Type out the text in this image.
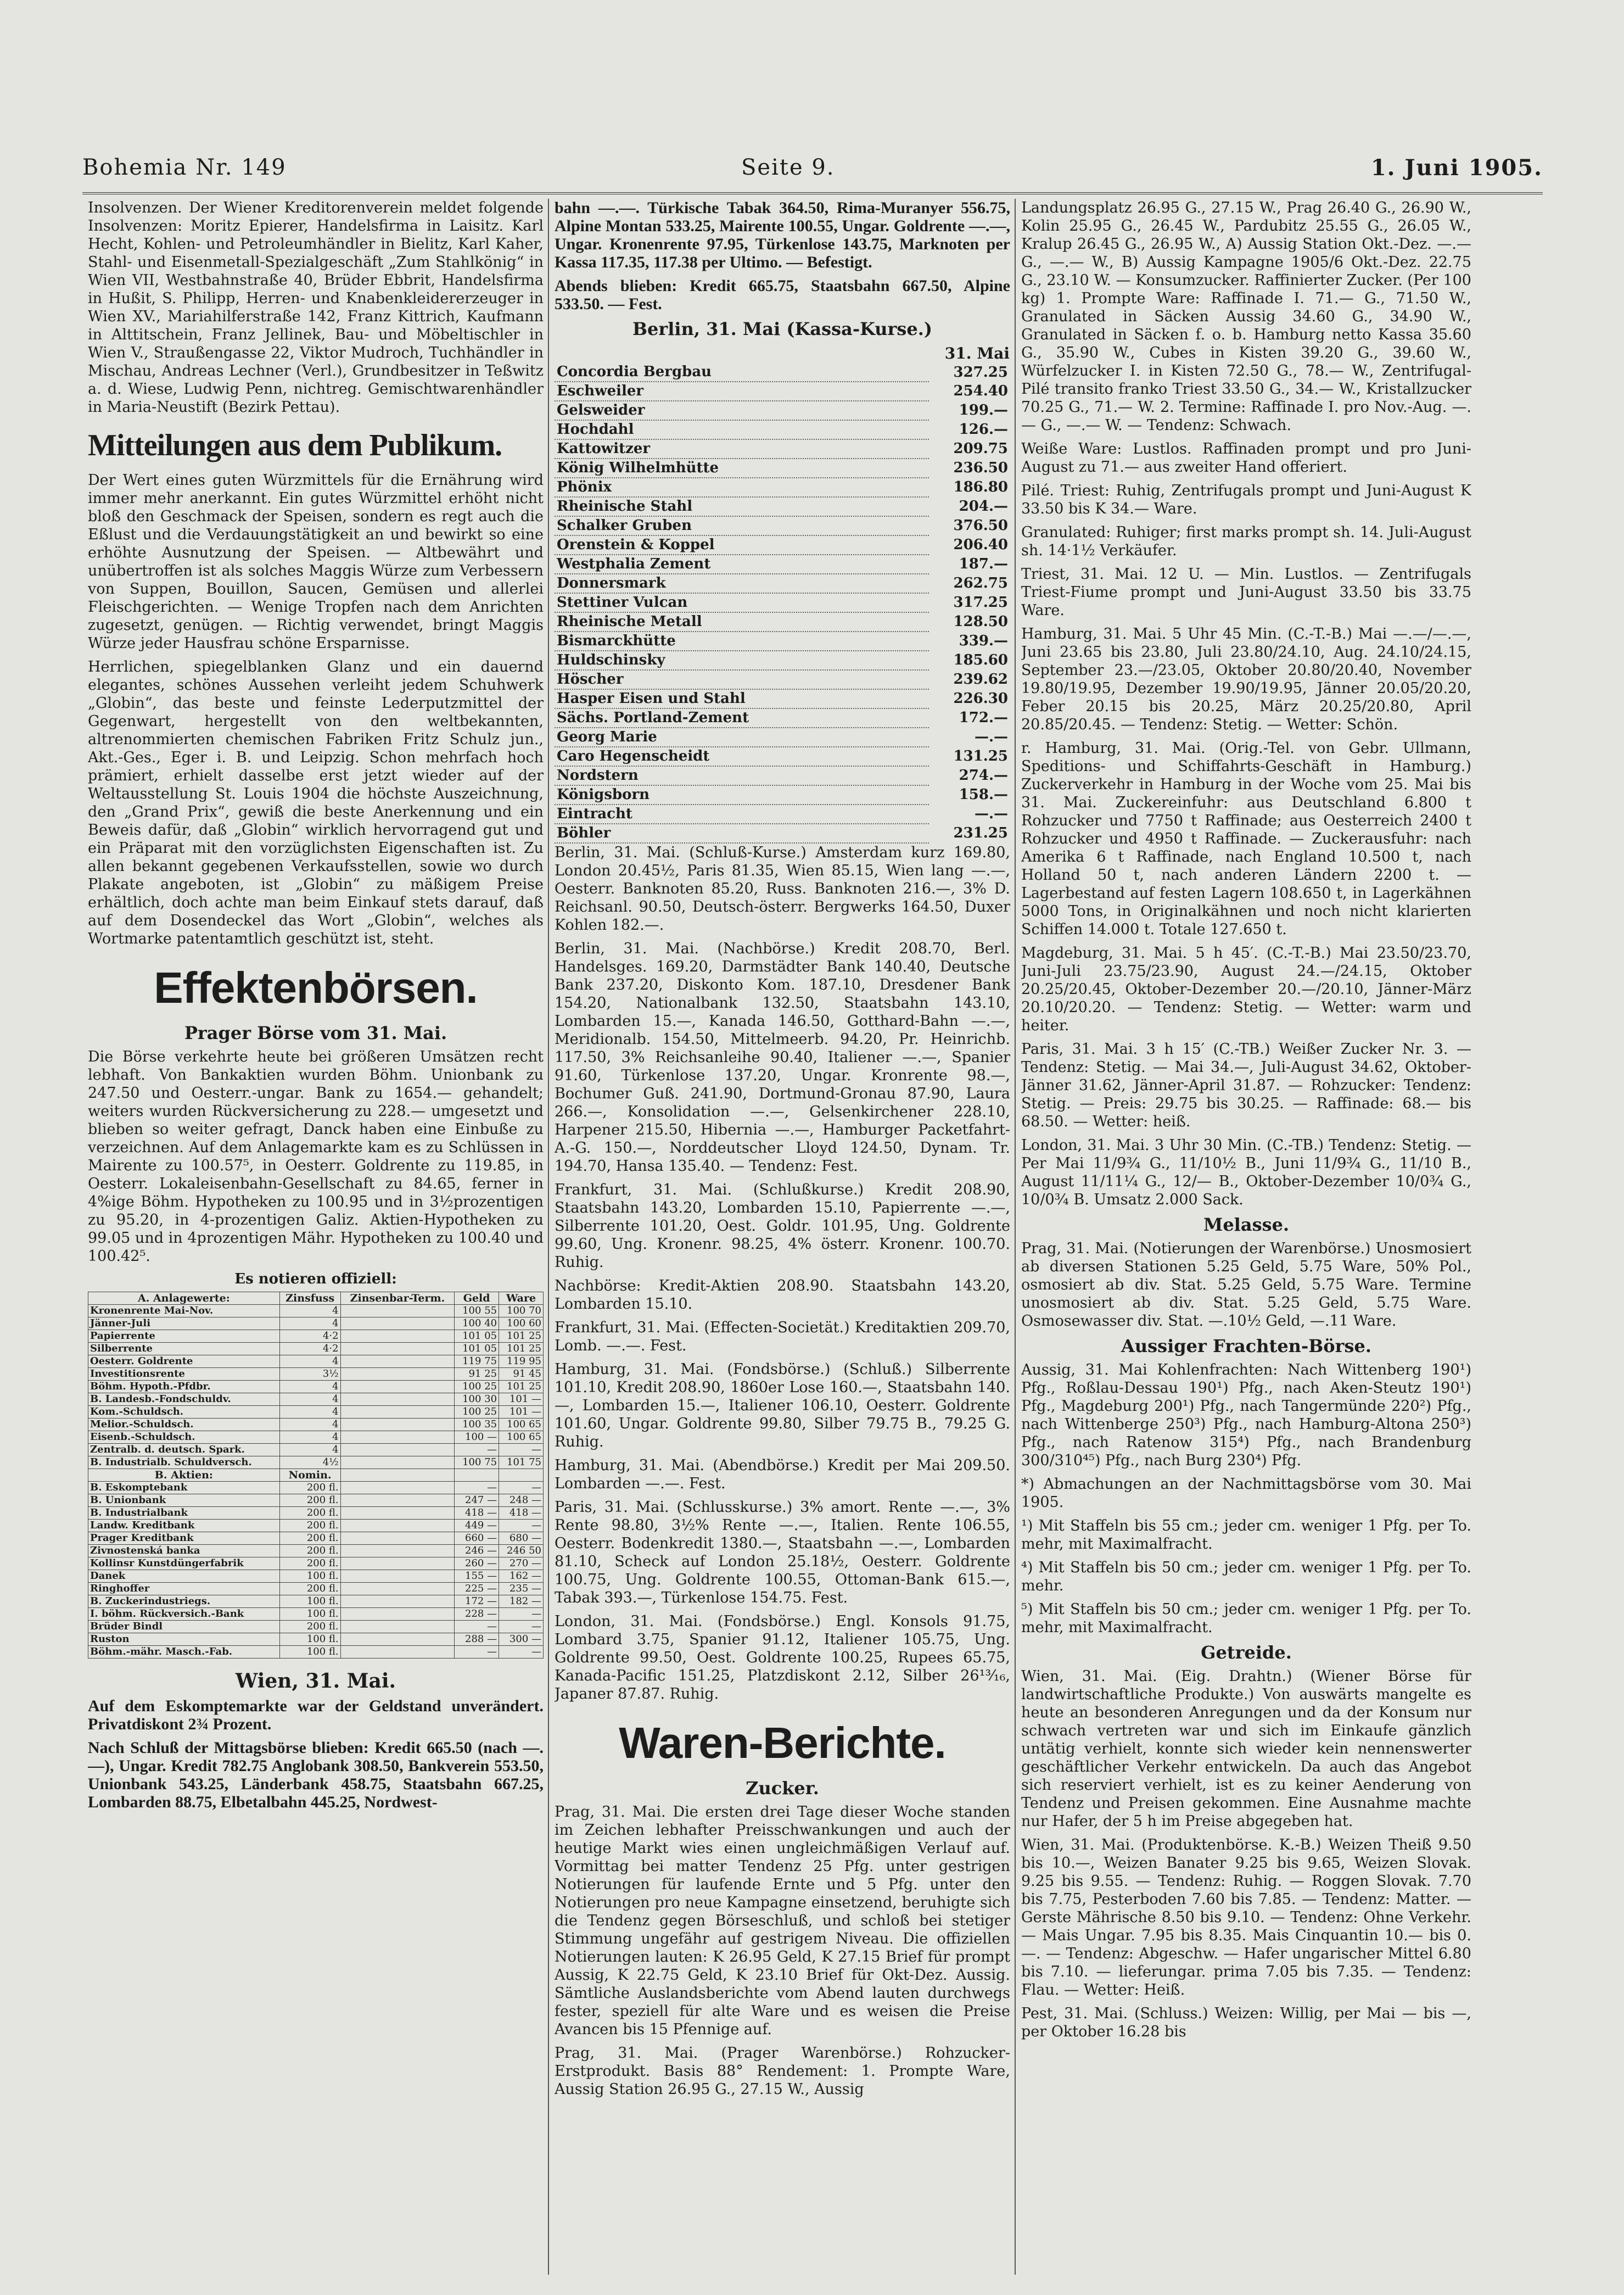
Bohemia Nr. 149	Seite 9.	1. Juni 1905.

Insolvenzen. Der Wiener Kreditorenverein meldet folgende Insolvenzen: Moritz Epierer, Handelsfirma in Laisitz. Karl Hecht, Kohlen- und Petroleumhändler in Bielitz, Karl Kaher, Stahl- und Eisenmetall-Spezialgeschäft „Zum Stahlkönig“ in Wien VII, Westbahnstraße 40, Brüder Ebbrit, Handelsfirma in Hußit, S. Philipp, Herren- und Knabenkleidererzeuger in Wien XV., Mariahilferstraße 142, Franz Kittrich, Kaufmann in Alttitschein, Franz Jellinek, Bau- und Möbeltischler in Wien V., Straußengasse 22, Viktor Mudroch, Tuchhändler in Mischau, Andreas Lechner (Verl.), Grundbesitzer in Teßwitz a. d. Wiese, Ludwig Penn, nichtreg. Gemischtwarenhändler in Maria-Neustift (Bezirk Pettau).

Mitteilungen aus dem Publikum.

Der Wert eines guten Würzmittels für die Ernährung wird immer mehr anerkannt. Ein gutes Würzmittel erhöht nicht bloß den Geschmack der Speisen, sondern es regt auch die Eßlust und die Verdauungstätigkeit an und bewirkt so eine erhöhte Ausnutzung der Speisen. — Altbewährt und unübertroffen ist als solches Maggis Würze zum Verbessern von Suppen, Bouillon, Saucen, Gemüsen und allerlei Fleischgerichten. — Wenige Tropfen nach dem Anrichten zugesetzt, genügen. — Richtig verwendet, bringt Maggis Würze jeder Hausfrau schöne Ersparnisse.

Herrlichen, spiegelblanken Glanz und ein dauernd elegantes, schönes Aussehen verleiht jedem Schuhwerk „Globin“, das beste und feinste Lederputzmittel der Gegenwart, hergestellt von den weltbekannten, altrenommierten chemischen Fabriken Fritz Schulz jun., Akt.-Ges., Eger i. B. und Leipzig. Schon mehrfach hoch prämiert, erhielt dasselbe erst jetzt wieder auf der Weltausstellung St. Louis 1904 die höchste Auszeichnung, den „Grand Prix“, gewiß die beste Anerkennung und ein Beweis dafür, daß „Globin“ wirklich hervorragend gut und ein Präparat mit den vorzüglichsten Eigenschaften ist. Zu allen bekannt gegebenen Verkaufsstellen, sowie wo durch Plakate angeboten, ist „Globin“ zu mäßigem Preise erhältlich, doch achte man beim Einkauf stets darauf, daß auf dem Dosendeckel das Wort „Globin“, welches als Wortmarke patentamtlich geschützt ist, steht.

Effektenbörsen.
Prager Börse vom 31. Mai.

Die Börse verkehrte heute bei größeren Umsätzen recht lebhaft. Von Bankaktien wurden Böhm. Unionbank zu 247.50 und Oesterr.-ungar. Bank zu 1654.— gehandelt; weiters wurden Rückversicherung zu 228.— umgesetzt und blieben so weiter gefragt, Danck haben eine Einbuße zu verzeichnen. Auf dem Anlagemarkte kam es zu Schlüssen in Mairente zu 100.57⁵, in Oesterr. Goldrente zu 119.85, in Oesterr. Lokaleisenbahn-Gesellschaft zu 84.65, ferner in 4%ige Böhm. Hypotheken zu 100.95 und in 3½prozentigen zu 95.20, in 4-prozentigen Galiz. Aktien-Hypotheken zu 99.05 und in 4prozentigen Mähr. Hypotheken zu 100.40 und 100.42⁵.

Es notieren offiziell:
A. Anlagewerte:	Zinsfuss	Zinsenbar-Term.	Geld	Ware
Kronenrente Mai-Nov.	4		100 55	100 70
Jänner-Juli	4		100 40	100 60
Papierrente	4·2		101 05	101 25
Silberrente	4·2		101 05	101 25
Oesterr. Goldrente	4		119 75	119 95
Investitionsrente	3½		91 25	91 45
Böhm. Hypoth.-Pfdbr.	4		100 25	101 25
B. Landesb.-Fondschuldv.	4		100 30	101 —
Kom.-Schuldsch.	4		100 25	101 —
Melior.-Schuldsch.	4		100 35	100 65
Eisenb.-Schuldsch.	4		100 —	100 65
Zentralb. d. deutsch. Spark.	4		—	—
B. Industrialb. Schuldversch.	4½		100 75	101 75
B. Aktien:	Nomin.			
B. Eskomptebank	200 fl.		—	—
B. Unionbank	200 fl.		247 —	248 —
B. Industrialbank	200 fl.		418 —	418 —
Landw. Kreditbank	200 fl.		449 —	—
Prager Kreditbank	200 fl.		660 —	680 —
Zivnostenská banka	200 fl.		246 —	246 50
Kollinsr Kunstdüngerfabrik	200 fl.		260 —	270 —
Danek	100 fl.		155 —	162 —
Ringhoffer	200 fl.		225 —	235 —
B. Zuckerindustriegs.	100 fl.		172 —	182 —
I. böhm. Rückversich.-Bank	100 fl.		228 —	—
Brüder Bindl	200 fl.		—	—
Ruston	100 fl.		288 —	300 —
Böhm.-mähr. Masch.-Fab.	100 fl.		—	—
Wien, 31. Mai.

Auf dem Eskomptemarkte war der Geldstand unverändert. Privatdiskont 2¾ Prozent.

Nach Schluß der Mittagsbörse blieben: Kredit 665.50 (nach —.—), Ungar. Kredit 782.75 Anglobank 308.50, Bankverein 553.50, Unionbank 543.25, Länderbank 458.75, Staatsbahn 667.25, Lombarden 88.75, Elbetalbahn 445.25, Nordwest-

bahn —.—. Türkische Tabak 364.50, Rima-Muranyer 556.75, Alpine Montan 533.25, Mairente 100.55, Ungar. Goldrente —.—, Ungar. Kronenrente 97.95, Türkenlose 143.75, Marknoten per Kassa 117.35, 117.38 per Ultimo. — Befestigt.

Abends blieben: Kredit 665.75, Staatsbahn 667.50, Alpine 533.50. — Fest.

Berlin, 31. Mai (Kassa-Kurse.)
	31. Mai
Concordia Bergbau	327.25
Eschweiler	254.40
Gelsweider	199.—
Hochdahl	126.—
Kattowitzer	209.75
König Wilhelmhütte	236.50
Phönix	186.80
Rheinische Stahl	204.—
Schalker Gruben	376.50
Orenstein & Koppel	206.40
Westphalia Zement	187.—
Donnersmark	262.75
Stettiner Vulcan	317.25
Rheinische Metall	128.50
Bismarckhütte	339.—
Huldschinsky	185.60
Höscher	239.62
Hasper Eisen und Stahl	226.30
Sächs. Portland-Zement	172.—
Georg Marie	—.—
Caro Hegenscheidt	131.25
Nordstern	274.—
Königsborn	158.—
Eintracht	—.—
Böhler	231.25

Berlin, 31. Mai. (Schluß-Kurse.) Amsterdam kurz 169.80, London 20.45½, Paris 81.35, Wien 85.15, Wien lang —.—, Oesterr. Banknoten 85.20, Russ. Banknoten 216.—, 3% D. Reichsanl. 90.50, Deutsch-österr. Bergwerks 164.50, Duxer Kohlen 182.—.

Berlin, 31. Mai. (Nachbörse.) Kredit 208.70, Berl. Handelsges. 169.20, Darmstädter Bank 140.40, Deutsche Bank 237.20, Diskonto Kom. 187.10, Dresdener Bank 154.20, Nationalbank 132.50, Staatsbahn 143.10, Lombarden 15.—, Kanada 146.50, Gotthard-Bahn —.—, Meridionalb. 154.50, Mittelmeerb. 94.20, Pr. Heinrichb. 117.50, 3% Reichsanleihe 90.40, Italiener —.—, Spanier 91.60, Türkenlose 137.20, Ungar. Kronrente 98.—, Bochumer Guß. 241.90, Dortmund-Gronau 87.90, Laura 266.—, Konsolidation —.—, Gelsenkirchener 228.10, Harpener 215.50, Hibernia —.—, Hamburger Packetfahrt-A.-G. 150.—, Norddeutscher Lloyd 124.50, Dynam. Tr. 194.70, Hansa 135.40. — Tendenz: Fest.

Frankfurt, 31. Mai. (Schlußkurse.) Kredit 208.90, Staatsbahn 143.20, Lombarden 15.10, Papierrente —.—, Silberrente 101.20, Oest. Goldr. 101.95, Ung. Goldrente 99.60, Ung. Kronenr. 98.25, 4% österr. Kronenr. 100.70. Ruhig.

Nachbörse: Kredit-Aktien 208.90. Staatsbahn 143.20, Lombarden 15.10.

Frankfurt, 31. Mai. (Effecten-Societät.) Kreditaktien 209.70, Lomb. —.—. Fest.

Hamburg, 31. Mai. (Fondsbörse.) (Schluß.) Silberrente 101.10, Kredit 208.90, 1860er Lose 160.—, Staatsbahn 140.—, Lombarden 15.—, Italiener 106.10, Oesterr. Goldrente 101.60, Ungar. Goldrente 99.80, Silber 79.75 B., 79.25 G. Ruhig.

Hamburg, 31. Mai. (Abendbörse.) Kredit per Mai 209.50. Lombarden —.—. Fest.

Paris, 31. Mai. (Schlusskurse.) 3% amort. Rente —.—, 3% Rente 98.80, 3½% Rente —.—, Italien. Rente 106.55, Oesterr. Bodenkredit 1380.—, Staatsbahn —.—, Lombarden 81.10, Scheck auf London 25.18½, Oesterr. Goldrente 100.75, Ung. Goldrente 100.55, Ottoman-Bank 615.—, Tabak 393.—, Türkenlose 154.75. Fest.

London, 31. Mai. (Fondsbörse.) Engl. Konsols 91.75, Lombard 3.75, Spanier 91.12, Italiener 105.75, Ung. Goldrente 99.50, Oest. Goldrente 100.25, Rupees 65.75, Kanada-Pacific 151.25, Platzdiskont 2.12, Silber 26¹³⁄₁₆, Japaner 87.87. Ruhig.

Waren-Berichte.
Zucker.

Prag, 31. Mai. Die ersten drei Tage dieser Woche standen im Zeichen lebhafter Preisschwankungen und auch der heutige Markt wies einen ungleichmäßigen Verlauf auf. Vormittag bei matter Tendenz 25 Pfg. unter gestrigen Notierungen für laufende Ernte und 5 Pfg. unter den Notierungen pro neue Kampagne einsetzend, beruhigte sich die Tendenz gegen Börseschluß, und schloß bei stetiger Stimmung ungefähr auf gestrigem Niveau. Die offiziellen Notierungen lauten: K 26.95 Geld, K 27.15 Brief für prompt Aussig, K 22.75 Geld, K 23.10 Brief für Okt-Dez. Aussig. Sämtliche Auslandsberichte vom Abend lauten durchwegs fester, speziell für alte Ware und es weisen die Preise Avancen bis 15 Pfennige auf.

Prag, 31. Mai. (Prager Warenbörse.) Rohzucker-Erstprodukt. Basis 88° Rendement: 1. Prompte Ware, Aussig Station 26.95 G., 27.15 W., Aussig

Landungsplatz 26.95 G., 27.15 W., Prag 26.40 G., 26.90 W., Kolin 25.95 G., 26.45 W., Pardubitz 25.55 G., 26.05 W., Kralup 26.45 G., 26.95 W., A) Aussig Station Okt.-Dez. —.— G., —.— W., B) Aussig Kampagne 1905/6 Okt.-Dez. 22.75 G., 23.10 W. — Konsumzucker. Raffinierter Zucker. (Per 100 kg) 1. Prompte Ware: Raffinade I. 71.— G., 71.50 W., Granulated in Säcken Aussig 34.60 G., 34.90 W., Granulated in Säcken f. o. b. Hamburg netto Kassa 35.60 G., 35.90 W., Cubes in Kisten 39.20 G., 39.60 W., Würfelzucker I. in Kisten 72.50 G., 78.— W., Zentrifugal-Pilé transito franko Triest 33.50 G., 34.— W., Kristallzucker 70.25 G., 71.— W. 2. Termine: Raffinade I. pro Nov.-Aug. —.— G., —.— W. — Tendenz: Schwach.

Weiße Ware: Lustlos. Raffinaden prompt und pro Juni-August zu 71.— aus zweiter Hand offeriert.

Pilé. Triest: Ruhig, Zentrifugals prompt und Juni-August K 33.50 bis K 34.— Ware.

Granulated: Ruhiger; first marks prompt sh. 14. Juli-August sh. 14·1½ Verkäufer.

Triest, 31. Mai. 12 U. — Min. Lustlos. — Zentrifugals Triest-Fiume prompt und Juni-August 33.50 bis 33.75 Ware.

Hamburg, 31. Mai. 5 Uhr 45 Min. (C.-T.-B.) Mai —.—/—.—, Juni 23.65 bis 23.80, Juli 23.80/24.10, Aug. 24.10/24.15, September 23.—/23.05, Oktober 20.80/20.40, November 19.80/19.95, Dezember 19.90/19.95, Jänner 20.05/20.20, Feber 20.15 bis 20.25, März 20.25/20.80, April 20.85/20.45. — Tendenz: Stetig. — Wetter: Schön.

r. Hamburg, 31. Mai. (Orig.-Tel. von Gebr. Ullmann, Speditions- und Schiffahrts-Geschäft in Hamburg.) Zuckerverkehr in Hamburg in der Woche vom 25. Mai bis 31. Mai. Zuckereinfuhr: aus Deutschland 6.800 t Rohzucker und 7750 t Raffinade; aus Oesterreich 2400 t Rohzucker und 4950 t Raffinade. — Zuckerausfuhr: nach Amerika 6 t Raffinade, nach England 10.500 t, nach Holland 50 t, nach anderen Ländern 2200 t. — Lagerbestand auf festen Lagern 108.650 t, in Lagerkähnen 5000 Tons, in Originalkähnen und noch nicht klarierten Schiffen 14.000 t. Totale 127.650 t.

Magdeburg, 31. Mai. 5 h 45′. (C.-T.-B.) Mai 23.50/23.70, Juni-Juli 23.75/23.90, August 24.—/24.15, Oktober 20.25/20.45, Oktober-Dezember 20.—/20.10, Jänner-März 20.10/20.20. — Tendenz: Stetig. — Wetter: warm und heiter.

Paris, 31. Mai. 3 h 15′ (C.-TB.) Weißer Zucker Nr. 3. — Tendenz: Stetig. — Mai 34.—, Juli-August 34.62, Oktober-Jänner 31.62, Jänner-April 31.87. — Rohzucker: Tendenz: Stetig. — Preis: 29.75 bis 30.25. — Raffinade: 68.— bis 68.50. — Wetter: heiß.

London, 31. Mai. 3 Uhr 30 Min. (C.-TB.) Tendenz: Stetig. — Per Mai 11/9¾ G., 11/10½ B., Juni 11/9¾ G., 11/10 B., August 11/11¼ G., 12/— B., Oktober-Dezember 10/0¾ G., 10/0¾ B. Umsatz 2.000 Sack.

Melasse.

Prag, 31. Mai. (Notierungen der Warenbörse.) Unosmosiert ab diversen Stationen 5.25 Geld, 5.75 Ware, 50% Pol., osmosiert ab div. Stat. 5.25 Geld, 5.75 Ware. Termine unosmosiert ab div. Stat. 5.25 Geld, 5.75 Ware. Osmosewasser div. Stat. —.10½ Geld, —.11 Ware.

Aussiger Frachten-Börse.

Aussig, 31. Mai Kohlenfrachten: Nach Wittenberg 190¹) Pfg., Roßlau-Dessau 190¹) Pfg., nach Aken-Steutz 190¹) Pfg., Magdeburg 200¹) Pfg., nach Tangermünde 220²) Pfg., nach Wittenberge 250³) Pfg., nach Hamburg-Altona 250³) Pfg., nach Ratenow 315⁴) Pfg., nach Brandenburg 300/310⁴⁵) Pfg., nach Burg 230⁴) Pfg.

*) Abmachungen an der Nachmittagsbörse vom 30. Mai 1905.

¹) Mit Staffeln bis 55 cm.; jeder cm. weniger 1 Pfg. per To. mehr, mit Maximalfracht.

⁴) Mit Staffeln bis 50 cm.; jeder cm. weniger 1 Pfg. per To. mehr.

⁵) Mit Staffeln bis 50 cm.; jeder cm. weniger 1 Pfg. per To. mehr, mit Maximalfracht.

Getreide.

Wien, 31. Mai. (Eig. Drahtn.) (Wiener Börse für landwirtschaftliche Produkte.) Von auswärts mangelte es heute an besonderen Anregungen und da der Konsum nur schwach vertreten war und sich im Einkaufe gänzlich untätig verhielt, konnte sich wieder kein nennenswerter geschäftlicher Verkehr entwickeln. Da auch das Angebot sich reserviert verhielt, ist es zu keiner Aenderung von Tendenz und Preisen gekommen. Eine Ausnahme machte nur Hafer, der 5 h im Preise abgegeben hat.

Wien, 31. Mai. (Produktenbörse. K.-B.) Weizen Theiß 9.50 bis 10.—, Weizen Banater 9.25 bis 9.65, Weizen Slovak. 9.25 bis 9.55. — Tendenz: Ruhig. — Roggen Slovak. 7.70 bis 7.75, Pesterboden 7.60 bis 7.85. — Tendenz: Matter. — Gerste Mährische 8.50 bis 9.10. — Tendenz: Ohne Verkehr. — Mais Ungar. 7.95 bis 8.35. Mais Cinquantin 10.— bis 0.—. — Tendenz: Abgeschw. — Hafer ungarischer Mittel 6.80 bis 7.10. — lieferungar. prima 7.05 bis 7.35. — Tendenz: Flau. — Wetter: Heiß.

Pest, 31. Mai. (Schluss.) Weizen: Willig, per Mai — bis —, per Oktober 16.28 bis
